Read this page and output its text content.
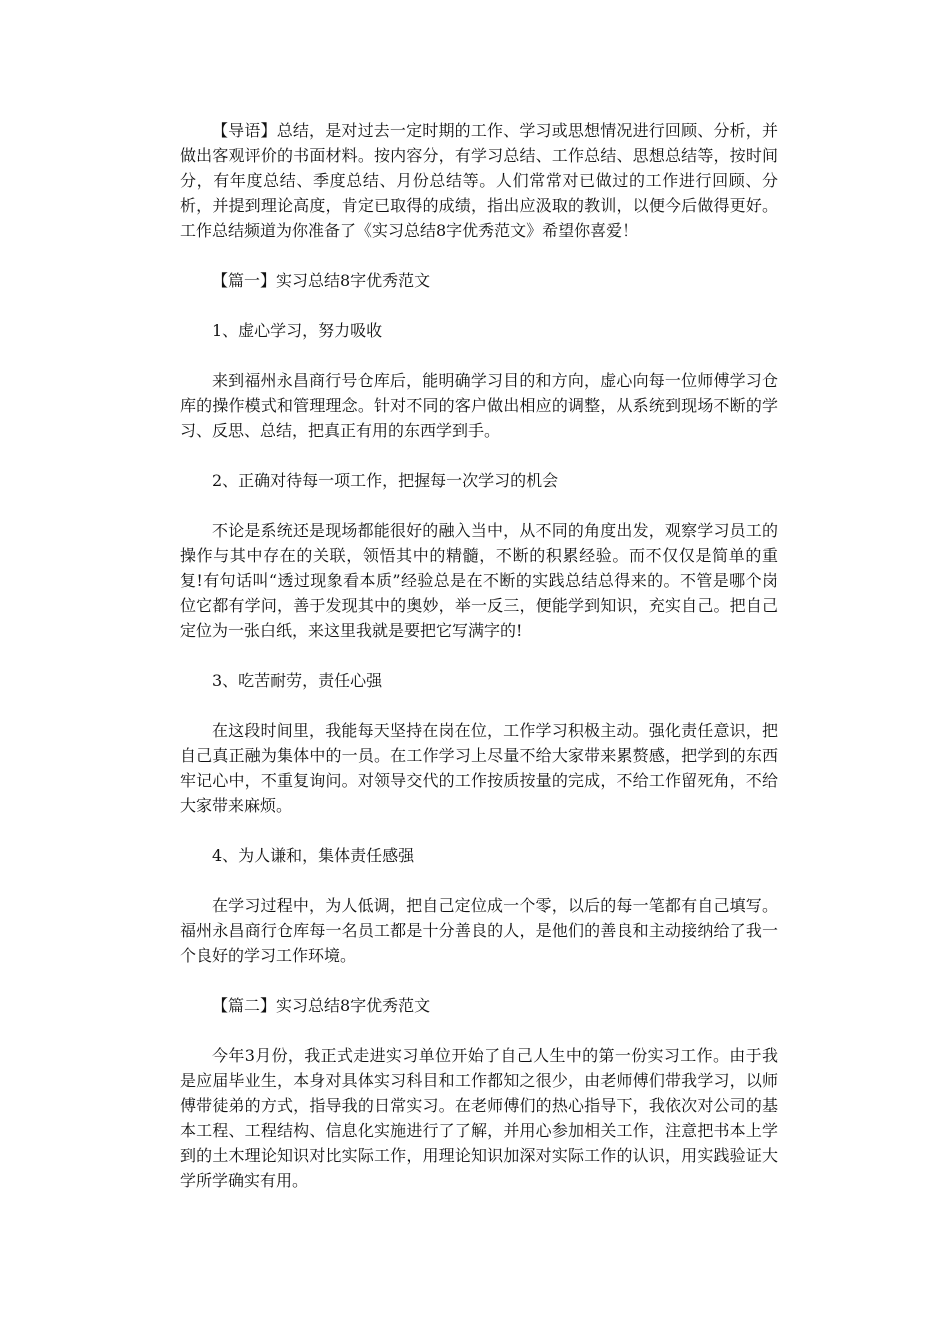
【导语】总结，是对过去一定时期的工作、学习或思想情况进行回顾、分析，并做出客观评价的书面材料。按内容分，有学习总结、工作总结、思想总结等，按时间分，有年度总结、季度总结、月份总结等。人们常常对已做过的工作进行回顾、分析，并提到理论高度，肯定已取得的成绩，指出应汲取的教训，以便今后做得更好。工作总结频道为你准备了《实习总结8字优秀范文》希望你喜爱！

【篇一】实习总结8字优秀范文

1、虚心学习，努力吸收

来到福州永昌商行号仓库后，能明确学习目的和方向，虚心向每一位师傅学习仓库的操作模式和管理理念。针对不同的客户做出相应的调整，从系统到现场不断的学习、反思、总结，把真正有用的东西学到手。

2、正确对待每一项工作，把握每一次学习的机会

不论是系统还是现场都能很好的融入当中，从不同的角度出发，观察学习员工的操作与其中存在的关联，领悟其中的精髓，不断的积累经验。而不仅仅是简单的重复!有句话叫“透过现象看本质”经验总是在不断的实践总结总得来的。不管是哪个岗位它都有学问，善于发现其中的奥妙，举一反三，便能学到知识，充实自己。把自己定位为一张白纸，来这里我就是要把它写满字的!

3、吃苦耐劳，责任心强

在这段时间里，我能每天坚持在岗在位，工作学习积极主动。强化责任意识，把自己真正融为集体中的一员。在工作学习上尽量不给大家带来累赘感，把学到的东西牢记心中，不重复询问。对领导交代的工作按质按量的完成，不给工作留死角，不给大家带来麻烦。

4、为人谦和，集体责任感强

在学习过程中，为人低调，把自己定位成一个零，以后的每一笔都有自己填写。福州永昌商行仓库每一名员工都是十分善良的人，是他们的善良和主动接纳给了我一个良好的学习工作环境。

【篇二】实习总结8字优秀范文

今年3月份，我正式走进实习单位开始了自己人生中的第一份实习工作。由于我是应届毕业生，本身对具体实习科目和工作都知之很少，由老师傅们带我学习，以师傅带徒弟的方式，指导我的日常实习。在老师傅们的热心指导下，我依次对公司的基本工程、工程结构、信息化实施进行了了解，并用心参加相关工作，注意把书本上学到的土木理论知识对比实际工作，用理论知识加深对实际工作的认识，用实践验证大学所学确实有用。
